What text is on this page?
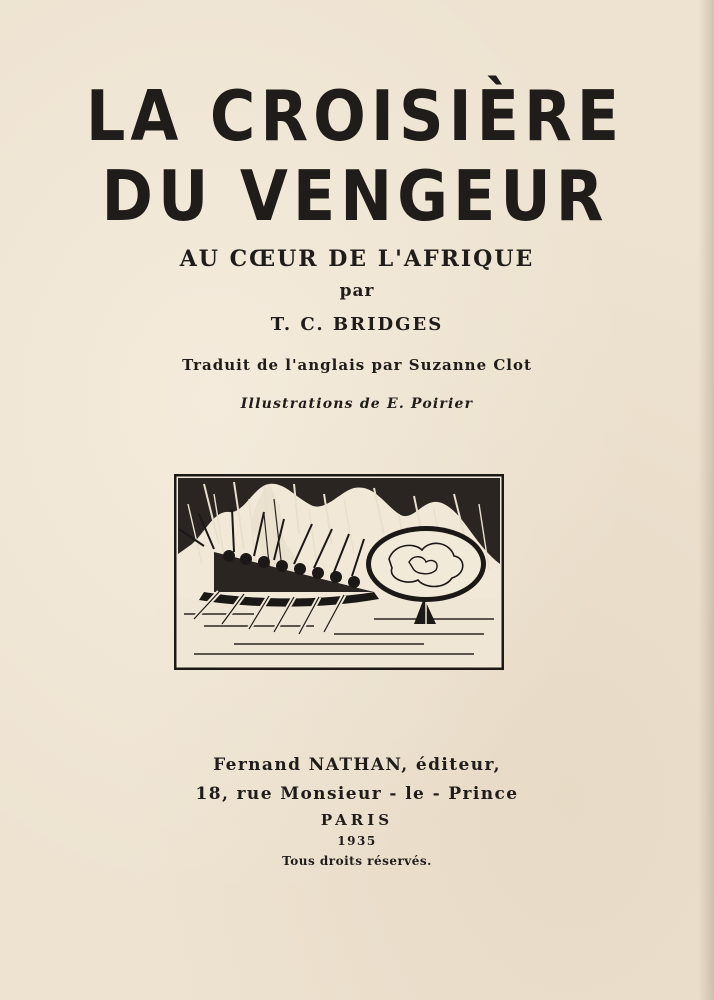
LA CROISIÈRE
DU VENGEUR
AU CŒUR DE L'AFRIQUE
par
T. C. BRIDGES
Traduit de l'anglais par Suzanne Clot
Illustrations de E. Poirier
Fernand NATHAN, éditeur,
18, rue Monsieur - le - Prince
PARIS
1935
Tous droits réservés.
